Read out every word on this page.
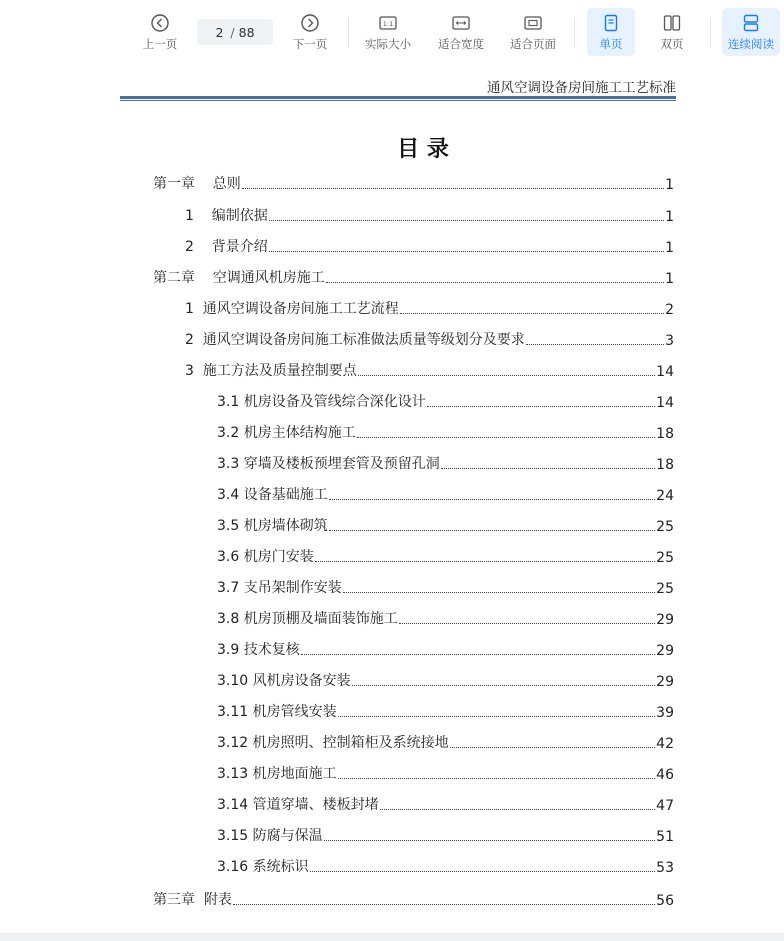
上一页
2 / 88
下一页
1:1
实际大小 适合宽度 适合页面	单页	双页	连续阅读
通风空调设备房间施工工艺标准
目 录
第一章    总则	1
1    编制依据	1
2    背景介绍	1
第二章    空调通风机房施工	1
1  通风空调设备房间施工工艺流程	2
2  通风空调设备房间施工标准做法质量等级划分及要求	3
3  施工方法及质量控制要点	14
3.1 机房设备及管线综合深化设计	14
3.2 机房主体结构施工	18
3.3 穿墙及楼板预埋套管及预留孔洞	18
3.4 设备基础施工	24
3.5 机房墙体砌筑	25
3.6 机房门安装	25
3.7 支吊架制作安装	25
3.8 机房顶棚及墙面装饰施工	29
3.9 技术复核	29
3.10 风机房设备安装	29
3.11 机房管线安装	39
3.12 机房照明、控制箱柜及系统接地	42
3.13 机房地面施工	46
3.14 管道穿墙、楼板封堵	47
3.15 防腐与保温	51
3.16 系统标识	53
第三章  附表	56
